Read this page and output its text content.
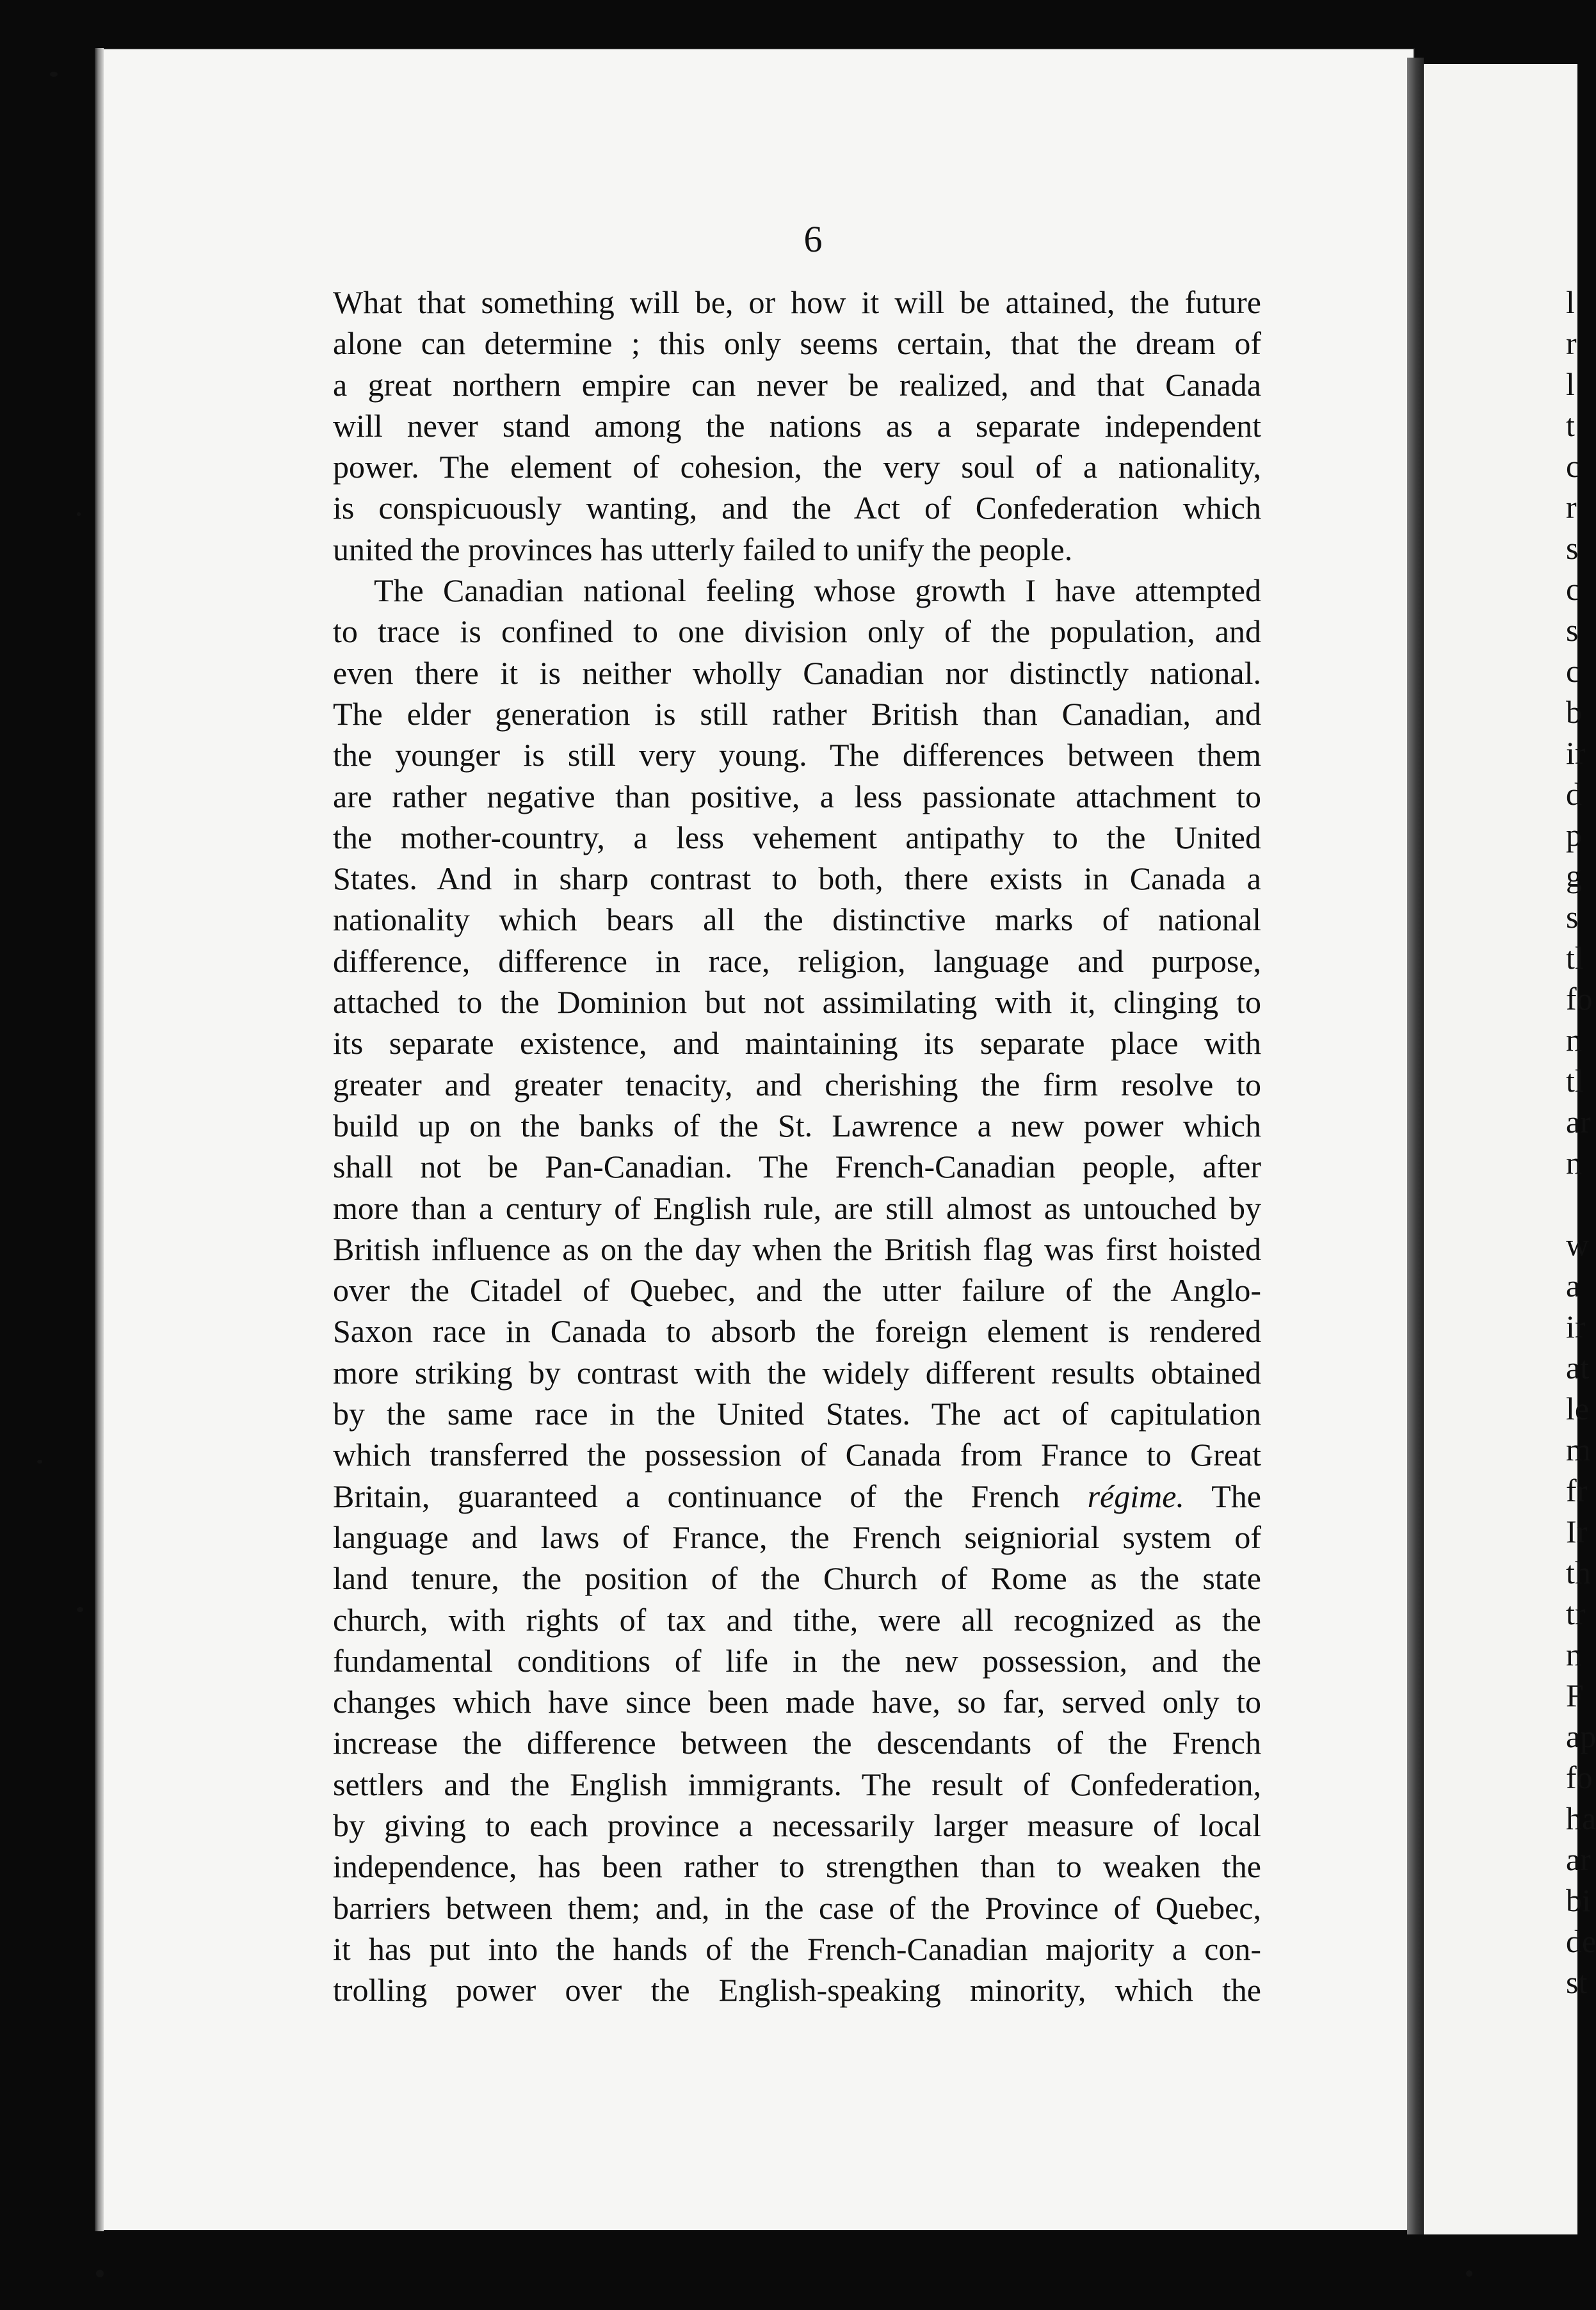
6
What that something will be, or how it will be attained, the future
alone can determine ; this only seems certain, that the dream of
a great northern empire can never be realized, and that Canada
will never stand among the nations as a separate independent
power. The element of cohesion, the very soul of a nationality,
is conspicuously wanting, and the Act of Confederation which
united the provinces has utterly failed to unify the people.
The Canadian national feeling whose growth I have attempted
to trace is confined to one division only of the population, and
even there it is neither wholly Canadian nor distinctly national.
The elder generation is still rather British than Canadian, and
the younger is still very young. The differences between them
are rather negative than positive, a less passionate attachment to
the mother-country, a less vehement antipathy to the United
States. And in sharp contrast to both, there exists in Canada a
nationality which bears all the distinctive marks of national
difference, difference in race, religion, language and purpose,
attached to the Dominion but not assimilating with it, clinging to
its separate existence, and maintaining its separate place with
greater and greater tenacity, and cherishing the firm resolve to
build up on the banks of the St. Lawrence a new power which
shall not be Pan-Canadian. The French-Canadian people, after
more than a century of English rule, are still almost as untouched by
British influence as on the day when the British flag was first hoisted
over the Citadel of Quebec, and the utter failure of the Anglo-
Saxon race in Canada to absorb the foreign element is rendered
more striking by contrast with the widely different results obtained
by the same race in the United States. The act of capitulation
which transferred the possession of Canada from France to Great
Britain, guaranteed a continuance of the French régime. The
language and laws of France, the French seigniorial system of
land tenure, the position of the Church of Rome as the state
church, with rights of tax and tithe, were all recognized as the
fundamental conditions of life in the new possession, and the
changes which have since been made have, so far, served only to
increase the difference between the descendants of the French
settlers and the English immigrants. The result of Confederation,
by giving to each province a necessarily larger measure of local
independence, has been rather to strengthen than to weaken the
barriers between them; and, in the case of the Province of Quebec,
it has put into the hands of the French-Canadian majority a con-
trolling power over the English-speaking minority, which the
l
r
l
t
c
r
s
c
s
c
b
ir
d
p
g
s
tl
fo
n
tl
ar
n
w
a
ir
at
le
m
fr
Ir
th
tr
n
F
ap
fo
ha
ar
bi
de
st
